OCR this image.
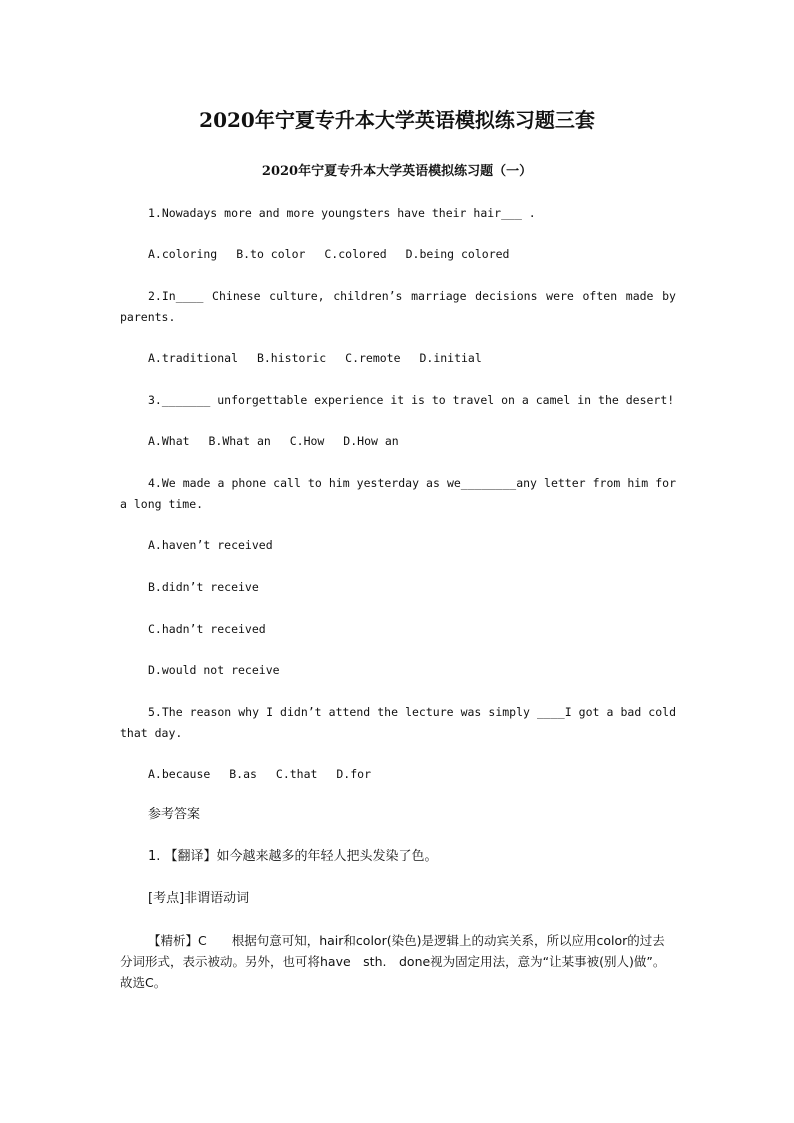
2020年宁夏专升本大学英语模拟练习题三套
2020年宁夏专升本大学英语模拟练习题（一）

1.Nowadays more and more youngsters have their hair___ .

A.coloring B.to color C.colored D.being colored

2.In____ Chinese culture, children’s marriage decisions were often made by parents.

A.traditional B.historic C.remote D.initial

3._______ unforgettable experience it is to travel on a camel in the desert!

A.What B.What an C.How D.How an

4.We made a phone call to him yesterday as we________any letter from him for a long time.

A.haven’t received

B.didn’t receive

C.hadn’t received

D.would not receive

5.The reason why I didn’t attend the lecture was simply ____I got a bad cold that day.

A.because B.as C.that D.for

参考答案

1. 【翻译】如今越来越多的年轻人把头发染了色。

[考点]非谓语动词

【精析】C　　根据句意可知，hair和color(染色)是逻辑上的动宾关系，所以应用color的过去分词形式，表示被动。另外，也可将have　sth.　done视为固定用法，意为“让某事被(别人)做”。故选C。
